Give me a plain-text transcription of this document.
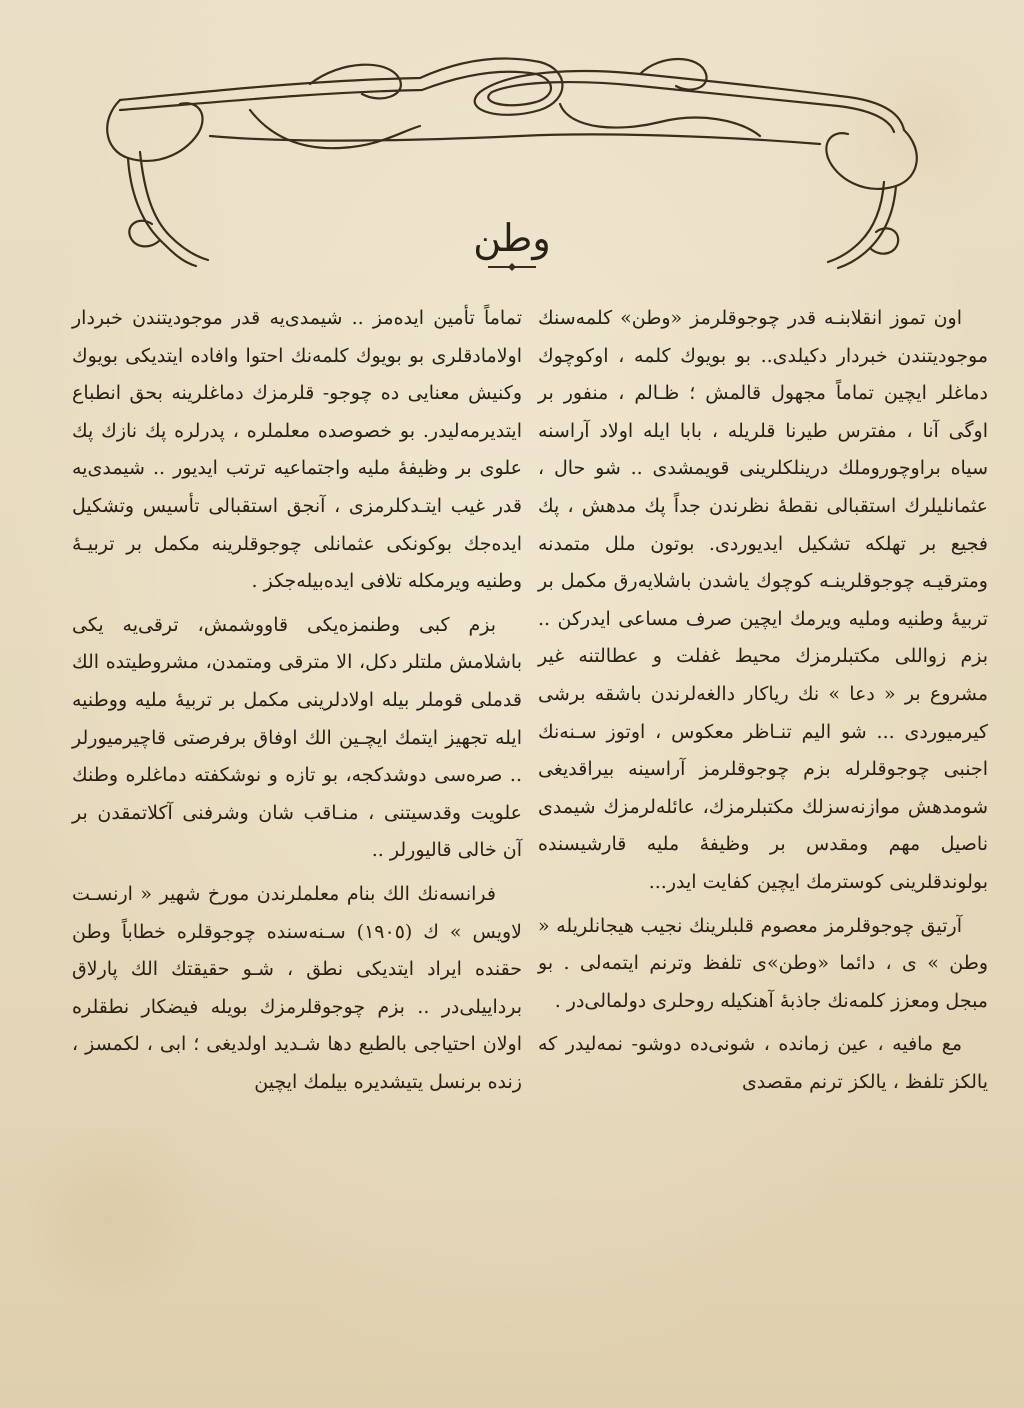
وطن

اون تموز انقلابنـه قدر چوجوقلرمز «وطن» كلمه‌سنك موجوديتندن خبردار دكيلدی.. بو بويوك كلمه ، اوكوچوك دماغلر ايچين تماماً مجهول قالمش ؛ ظـالم ، منفور بر اوگی آنا ، مفترس طيرنا قلريله ، بابا ايله اولاد آراسنه سياه براوچوروملك درينلكلرينی قويمشدی .. شو حال ، عثمانليلرك استقبالی نقطهٔ نظرندن جداً پك مدهش ، پك فجيع بر تهلكه تشكيل ايديوردی. بوتون ملل متمدنه ومترقيـه چوجوقلرينـه كوچوك ياشدن باشلايه‌رق مكمل بر تربيهٔ وطنيه ومليه ويرمك ايچين صرف مساعی ايدركن .. بزم زواللی مكتبلرمزك محيط غفلت و عطالتنه غير مشروع بر « دعا » نك رياكار دالغه‌لرندن باشقه برشی كيرميوردی ... شو اليم تنـاظر معكوس ، اوتوز سـنه‌نك اجنبی چوجوقلرله بزم چوجوقلرمز آراسينه بيراقديغی شومدهش موازنه‌سزلك مكتبلرمزك، عائله‌لرمزك شيمدی ناصيل مهم ومقدس بر وظيفهٔ مليه قارشيسنده بولوندقلرينی كوسترمك ايچين كفايت ايدر...

آرتيق چوجوقلرمز معصوم قلبلرينك نجيب هيجانلريله « وطن » ی ، دائما «وطن»ی تلفظ وترنم ايتمه‌لی . بو مبجل ومعزز كلمه‌نك جاذبهٔ آهنكيله روحلری دولمالی‌در .

مع مافيه ، عين زمانده ، شونی‌ده دوشو- نمه‌ليدر كه يالكز تلفظ ، يالكز ترنم مقصدی

تماماً تأمين ايده‌مز .. شيمدی‌يه قدر موجوديتندن خبردار اولامادقلری بو بويوك كلمه‌نك احتوا وافاده ايتديكی بويوك وكنيش معنايی ده چوجو- قلرمزك دماغلرينه بحق انطباع ايتديرمه‌ليدر. بو خصوصده معلملره ، پدرلره پك نازك پك علوی بر وظيفهٔ مليه واجتماعيه ترتب ايديور .. شيمدی‌يه قدر غيب ايتـدكلرمزی ، آنجق استقبالی تأسيس وتشكيل ايده‌جك بوكونكی عثمانلی چوجوقلرينه مكمل بر تربيـهٔ وطنيه ويرمكله تلافی ايده‌بيله‌جكز .

بزم كبی وطنمزه‌يكی قاووشمش، ترقی‌يه يكی باشلامش ملتلر دكل، الا مترقی ومتمدن، مشروطيتده الك قدملی قوملر بيله اولادلرينی مكمل بر تربيهٔ مليه ووطنيه ايله تجهيز ايتمك ايچـين الك اوفاق برفرصتی قاچيرميورلر .. صره‌سی دوشدكجه، بو تازه و نوشكفته دماغلره وطنك علويت وقدسيتنی ، منـاقب شان وشرفنی آكلاتمقدن بر آن خالی قاليورلر ..

فرانسه‌نك الك بنام معلملرندن مورخ شهير « ارنسـت لاويس » ك (١٩٠٥) سـنه‌سنده چوجوقلره خطاباً وطن حقنده ايراد ايتديكی نطق ، شـو حقيقتك الك پارلاق برداييلی‌در .. بزم چوجوقلرمزك بويله فيضكار نطقلره اولان احتياجی بالطبع دها شـديد اولديغی ؛ ابی ، لكمسز ، زنده برنسل يتيشديره بيلمك ايچين
